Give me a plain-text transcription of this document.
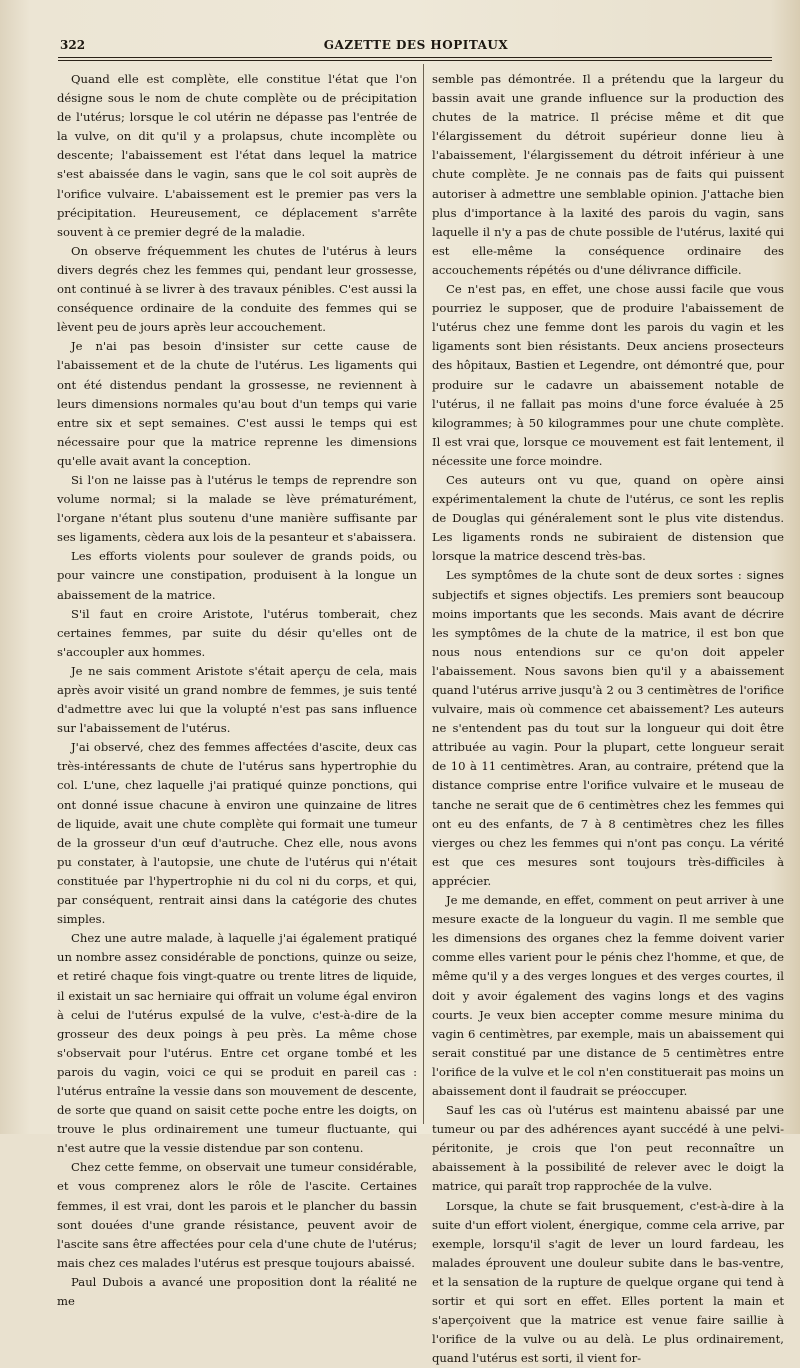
322	GAZETTE DES HOPITAUX

Quand elle est complète, elle constitue l'état que l'on désigne sous le nom de chute complète ou de précipitation de l'utérus; lorsque le col utérin ne dépasse pas l'entrée de la vulve, on dit qu'il y a prolapsus, chute incomplète ou descente; l'abaissement est l'état dans lequel la matrice s'est abaissée dans le vagin, sans que le col soit auprès de l'orifice vulvaire. L'abaissement est le premier pas vers la précipitation. Heureusement, ce déplacement s'arrête souvent à ce premier degré de la maladie.

On observe fréquemment les chutes de l'utérus à leurs divers degrés chez les femmes qui, pendant leur grossesse, ont continué à se livrer à des travaux pénibles. C'est aussi la conséquence ordinaire de la conduite des femmes qui se lèvent peu de jours après leur accouchement.

Je n'ai pas besoin d'insister sur cette cause de l'abaissement et de la chute de l'utérus. Les ligaments qui ont été distendus pendant la grossesse, ne reviennent à leurs dimensions normales qu'au bout d'un temps qui varie entre six et sept semaines. C'est aussi le temps qui est nécessaire pour que la matrice reprenne les dimensions qu'elle avait avant la conception.

Si l'on ne laisse pas à l'utérus le temps de reprendre son volume normal; si la malade se lève prématurément, l'organe n'étant plus soutenu d'une manière suffisante par ses ligaments, cèdera aux lois de la pesanteur et s'abaissera.

Les efforts violents pour soulever de grands poids, ou pour vaincre une constipation, produisent à la longue un abaissement de la matrice.

S'il faut en croire Aristote, l'utérus tomberait, chez certaines femmes, par suite du désir qu'elles ont de s'accoupler aux hommes.

Je ne sais comment Aristote s'était aperçu de cela, mais après avoir visité un grand nombre de femmes, je suis tenté d'admettre avec lui que la volupté n'est pas sans influence sur l'abaissement de l'utérus.

J'ai observé, chez des femmes affectées d'ascite, deux cas très-intéressants de chute de l'utérus sans hypertrophie du col. L'une, chez laquelle j'ai pratiqué quinze ponctions, qui ont donné issue chacune à environ une quinzaine de litres de liquide, avait une chute complète qui formait une tumeur de la grosseur d'un œuf d'autruche. Chez elle, nous avons pu constater, à l'autopsie, une chute de l'utérus qui n'était constituée par l'hypertrophie ni du col ni du corps, et qui, par conséquent, rentrait ainsi dans la catégorie des chutes simples.

Chez une autre malade, à laquelle j'ai également pratiqué un nombre assez considérable de ponctions, quinze ou seize, et retiré chaque fois vingt-quatre ou trente litres de liquide, il existait un sac herniaire qui offrait un volume égal environ à celui de l'utérus expulsé de la vulve, c'est-à-dire de la grosseur des deux poings à peu près. La même chose s'observait pour l'utérus. Entre cet organe tombé et les parois du vagin, voici ce qui se produit en pareil cas : l'utérus entraîne la vessie dans son mouvement de descente, de sorte que quand on saisit cette poche entre les doigts, on trouve le plus ordinairement une tumeur fluctuante, qui n'est autre que la vessie distendue par son contenu.

Chez cette femme, on observait une tumeur considérable, et vous comprenez alors le rôle de l'ascite. Certaines femmes, il est vrai, dont les parois et le plancher du bassin sont douées d'une grande résistance, peuvent avoir de l'ascite sans être affectées pour cela d'une chute de l'utérus; mais chez ces malades l'utérus est presque toujours abaissé.

Paul Dubois a avancé une proposition dont la réalité ne me

semble pas démontrée. Il a prétendu que la largeur du bassin avait une grande influence sur la production des chutes de la matrice. Il précise même et dit que l'élargissement du détroit supérieur donne lieu à l'abaissement, l'élargissement du détroit inférieur à une chute complète. Je ne connais pas de faits qui puissent autoriser à admettre une semblable opinion. J'attache bien plus d'importance à la laxité des parois du vagin, sans laquelle il n'y a pas de chute possible de l'utérus, laxité qui est elle-même la conséquence ordinaire des accouchements répétés ou d'une délivrance difficile.

Ce n'est pas, en effet, une chose aussi facile que vous pourriez le supposer, que de produire l'abaissement de l'utérus chez une femme dont les parois du vagin et les ligaments sont bien résistants. Deux anciens prosecteurs des hôpitaux, Bastien et Legendre, ont démontré que, pour produire sur le cadavre un abaissement notable de l'utérus, il ne fallait pas moins d'une force évaluée à 25 kilogrammes; à 50 kilogrammes pour une chute complète. Il est vrai que, lorsque ce mouvement est fait lentement, il nécessite une force moindre.

Ces auteurs ont vu que, quand on opère ainsi expérimentalement la chute de l'utérus, ce sont les replis de Douglas qui généralement sont le plus vite distendus. Les ligaments ronds ne subiraient de distension que lorsque la matrice descend très-bas.

Les symptômes de la chute sont de deux sortes : signes subjectifs et signes objectifs. Les premiers sont beaucoup moins importants que les seconds. Mais avant de décrire les symptômes de la chute de la matrice, il est bon que nous nous entendions sur ce qu'on doit appeler l'abaissement. Nous savons bien qu'il y a abaissement quand l'utérus arrive jusqu'à 2 ou 3 centimètres de l'orifice vulvaire, mais où commence cet abaissement? Les auteurs ne s'entendent pas du tout sur la longueur qui doit être attribuée au vagin. Pour la plupart, cette longueur serait de 10 à 11 centimètres. Aran, au contraire, prétend que la distance comprise entre l'orifice vulvaire et le museau de tanche ne serait que de 6 centimètres chez les femmes qui ont eu des enfants, de 7 à 8 centimètres chez les filles vierges ou chez les femmes qui n'ont pas conçu. La vérité est que ces mesures sont toujours très-difficiles à apprécier.

Je me demande, en effet, comment on peut arriver à une mesure exacte de la longueur du vagin. Il me semble que les dimensions des organes chez la femme doivent varier comme elles varient pour le pénis chez l'homme, et que, de même qu'il y a des verges longues et des verges courtes, il doit y avoir également des vagins longs et des vagins courts. Je veux bien accepter comme mesure minima du vagin 6 centimètres, par exemple, mais un abaissement qui serait constitué par une distance de 5 centimètres entre l'orifice de la vulve et le col n'en constituerait pas moins un abaissement dont il faudrait se préoccuper.

Sauf les cas où l'utérus est maintenu abaissé par une tumeur ou par des adhérences ayant succédé à une pelvi-péritonite, je crois que l'on peut reconnaître un abaissement à la possibilité de relever avec le doigt la matrice, qui paraît trop rapprochée de la vulve.

Lorsque, la chute se fait brusquement, c'est-à-dire à la suite d'un effort violent, énergique, comme cela arrive, par exemple, lorsqu'il s'agit de lever un lourd fardeau, les malades éprouvent une douleur subite dans le bas-ventre, et la sensation de la rupture de quelque organe qui tend à sortir et qui sort en effet. Elles portent la main et s'aperçoivent que la matrice est venue faire saillie à l'orifice de la vulve ou au delà. Le plus ordinairement, quand l'utérus est sorti, il vient for-
